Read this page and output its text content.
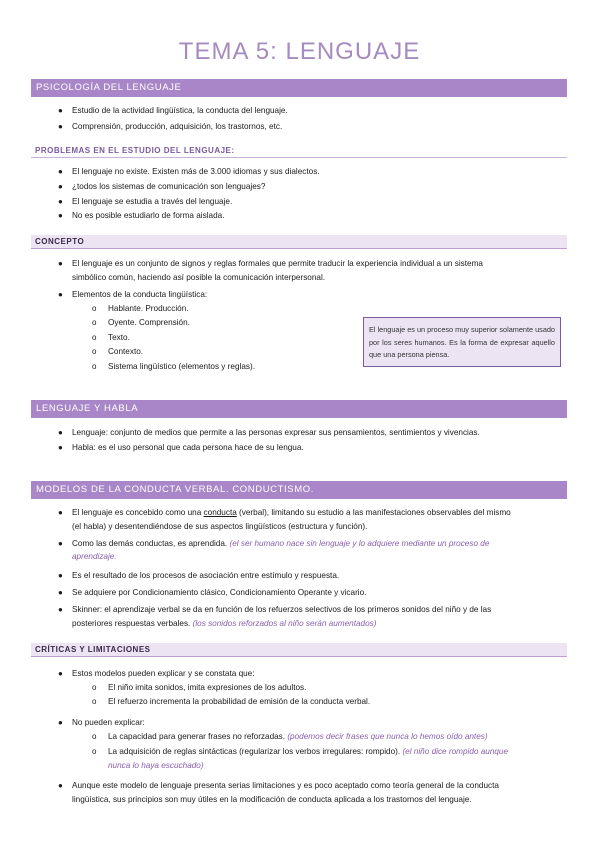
TEMA 5: LENGUAJE
PSICOLOGÍA DEL LENGUAJE
● Estudio de la actividad lingüística, la conducta del lenguaje.
● Comprensión, producción, adquisición, los trastornos, etc.
PROBLEMAS EN EL ESTUDIO DEL LENGUAJE:
● El lenguaje no existe. Existen más de 3.000 idiomas y sus dialectos.
● ¿todos los sistemas de comunicación son lenguajes?
● El lenguaje se estudia a través del lenguaje.
● No es posible estudiarlo de forma aislada.
CONCEPTO
● El lenguaje es un conjunto de signos y reglas formales que permite traducir la experiencia individual a un sistema
simbólico común, haciendo así posible la comunicación interpersonal.
● Elementos de la conducta lingüística:
o Hablante. Producción.
o Oyente. Comprensión.
o Texto.
o Contexto.
o Sistema lingüístico (elementos y reglas).
El lenguaje es un proceso muy superior solamente usado por los seres humanos. Es la forma de expresar aquello que una persona piensa.
LENGUAJE Y HABLA
● Lenguaje: conjunto de medios que permite a las personas expresar sus pensamientos, sentimientos y vivencias.
● Habla: es el uso personal que cada persona hace de su lengua.
MODELOS DE LA CONDUCTA VERBAL. CONDUCTISMO.
● El lenguaje es concebido como una conducta (verbal), limitando su estudio a las manifestaciones observables del mismo
(el habla) y desentendiéndose de sus aspectos lingüísticos (estructura y función).
● Como las demás conductas, es aprendida. (el ser humano nace sin lenguaje y lo adquiere mediante un proceso de
aprendizaje.
● Es el resultado de los procesos de asociación entre estímulo y respuesta.
● Se adquiere por Condicionamiento clásico, Condicionamiento Operante y vicario.
● Skinner: el aprendizaje verbal se da en función de los refuerzos selectivos de los primeros sonidos del niño y de las
posteriores respuestas verbales. (los sonidos reforzados al niño serán aumentados)
CRÍTICAS Y LIMITACIONES
● Estos modelos pueden explicar y se constata que:
o El niño imita sonidos, imita expresiones de los adultos.
o El refuerzo incrementa la probabilidad de emisión de la conducta verbal.
● No pueden explicar:
o La capacidad para generar frases no reforzadas. (podemos decir frases que nunca lo hemos oído antes)
o La adquisición de reglas sintácticas (regularizar los verbos irregulares: rompido). (el niño dice rompido aunque
nunca lo haya escuchado)
● Aunque este modelo de lenguaje presenta serias limitaciones y es poco aceptado como teoría general de la conducta
lingüística, sus principios son muy útiles en la modificación de conducta aplicada a los trastornos del lenguaje.
